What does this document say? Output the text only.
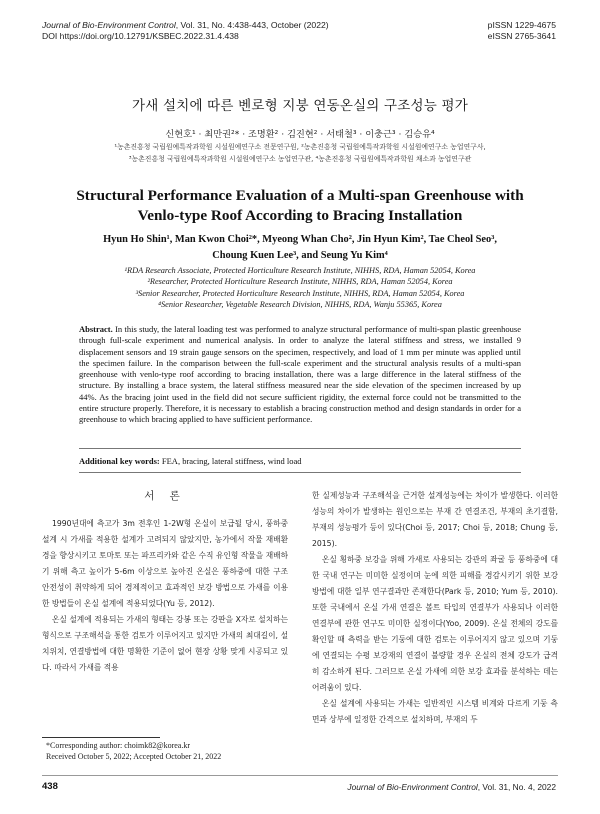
Journal of Bio-Environment Control, Vol. 31, No. 4:438-443, October (2022)
DOI https://doi.org/10.12791/KSBEC.2022.31.4.438
pISSN 1229-4675
eISSN 2765-3641
가새 설치에 따른 벤로형 지붕 연동온실의 구조성능 평가
신현호¹ · 최만권²* · 조명환² · 김진현² · 서태철³ · 이충근³ · 김승유⁴
¹농촌진흥청 국립원예특작과학원 시설원예연구소 전문연구원, ²농촌진흥청 국립원예특작과학원 시설원예연구소 농업연구사,
³농촌진흥청 국립원예특작과학원 시설원예연구소 농업연구관, ⁴농촌진흥청 국립원예특작과학원 채소과 농업연구관
Structural Performance Evaluation of a Multi-span Greenhouse with
Venlo-type Roof According to Bracing Installation
Hyun Ho Shin¹, Man Kwon Choi²*, Myeong Whan Cho², Jin Hyun Kim², Tae Cheol Seo³,
Choung Kuen Lee³, and Seung Yu Kim⁴
¹RDA Research Associate, Protected Horticulture Research Institute, NIHHS, RDA, Haman 52054, Korea
²Researcher, Protected Horticulture Research Institute, NIHHS, RDA, Haman 52054, Korea
³Senior Researcher, Protected Horticulture Research Institute, NIHHS, RDA, Haman 52054, Korea
⁴Senior Researcher, Vegetable Research Division, NIHHS, RDA, Wanju 55365, Korea
Abstract. In this study, the lateral loading test was performed to analyze structural performance of multi-span plastic greenhouse through full-scale experiment and numerical analysis. In order to analyze the lateral stiffness and stress, we installed 9 displacement sensors and 19 strain gauge sensors on the specimen, respectively, and load of 1 mm per minute was applied until the specimen failure. In the comparison between the full-scale experiment and the structural analysis results of a multi-span greenhouse with venlo-type roof according to bracing installation, there was a large difference in the lateral stiffness of the structure. By installing a brace system, the lateral stiffness measured near the side elevation of the specimen increased by up 44%. As the bracing joint used in the field did not secure sufficient rigidity, the external force could not be transmitted to the entire structure properly. Therefore, it is necessary to establish a bracing construction method and design standards in order for a greenhouse to which bracing applied to have sufficient performance.
Additional key words: FEA, bracing, lateral stiffness, wind load
서 론

1990년대에 측고가 3m 전후인 1-2W형 온실이 보급될 당시, 풍하중 설계 시 가새를 적용한 설계가 고려되지 않았지만, 농가에서 작물 재배환경을 향상시키고 토마토 또는 파프리카와 같은 수직 유인형 작물을 재배하기 위해 측고 높이가 5-6m 이상으로 높아진 온실은 풍하중에 대한 구조 안전성이 취약하게 되어 경제적이고 효과적인 보강 방법으로 가새를 이용한 방법들이 온실 설계에 적용되었다(Yu 등, 2012).

온실 설계에 적용되는 가새의 형태는 강봉 또는 강판을 X자로 설치하는 형식으로 구조해석을 통한 검토가 이루어지고 있지만 가새의 최대길이, 설치위치, 연결방법에 대한 명확한 기준이 없어 현장 상황 맞게 시공되고 있다. 따라서 가새를 적용

한 실제성능과 구조해석을 근거한 설계성능에는 차이가 발생한다. 이러한 성능의 차이가 발생하는 원인으로는 부재 간 연결조건, 부재의 초기결함, 부재의 성능평가 등이 있다(Choi 등, 2017; Choi 등, 2018; Chung 등, 2015).

온실 횡하중 보강을 위해 가새로 사용되는 강관의 좌굴 등 풍하중에 대한 국내 연구는 미미한 실정이며 눈에 의한 피해를 경감시키기 위한 보강방법에 대한 일부 연구결과만 존재한다(Park 등, 2010; Yum 등, 2010). 또한 국내에서 온실 가새 연결은 볼트 타입의 연결부가 사용되나 이러한 연결부에 관한 연구도 미미한 실정이다(Yoo, 2009). 온실 전체의 강도를 확인할 때 측력을 받는 기둥에 대한 검토는 이루어지지 않고 있으며 기둥에 연결되는 수평 보강재의 연결이 불량할 경우 온실의 전체 강도가 급격히 감소하게 된다. 그러므로 온실 가새에 의한 보강 효과를 분석하는 데는 어려움이 있다.

온실 설계에 사용되는 가새는 일반적인 시스템 비계와 다르게 기둥 측면과 상부에 일정한 간격으로 설치하며, 부재의 두

*Corresponding author: choimk82@korea.kr
Received October 5, 2022; Accepted October 21, 2022
438	Journal of Bio-Environment Control, Vol. 31, No. 4, 2022
